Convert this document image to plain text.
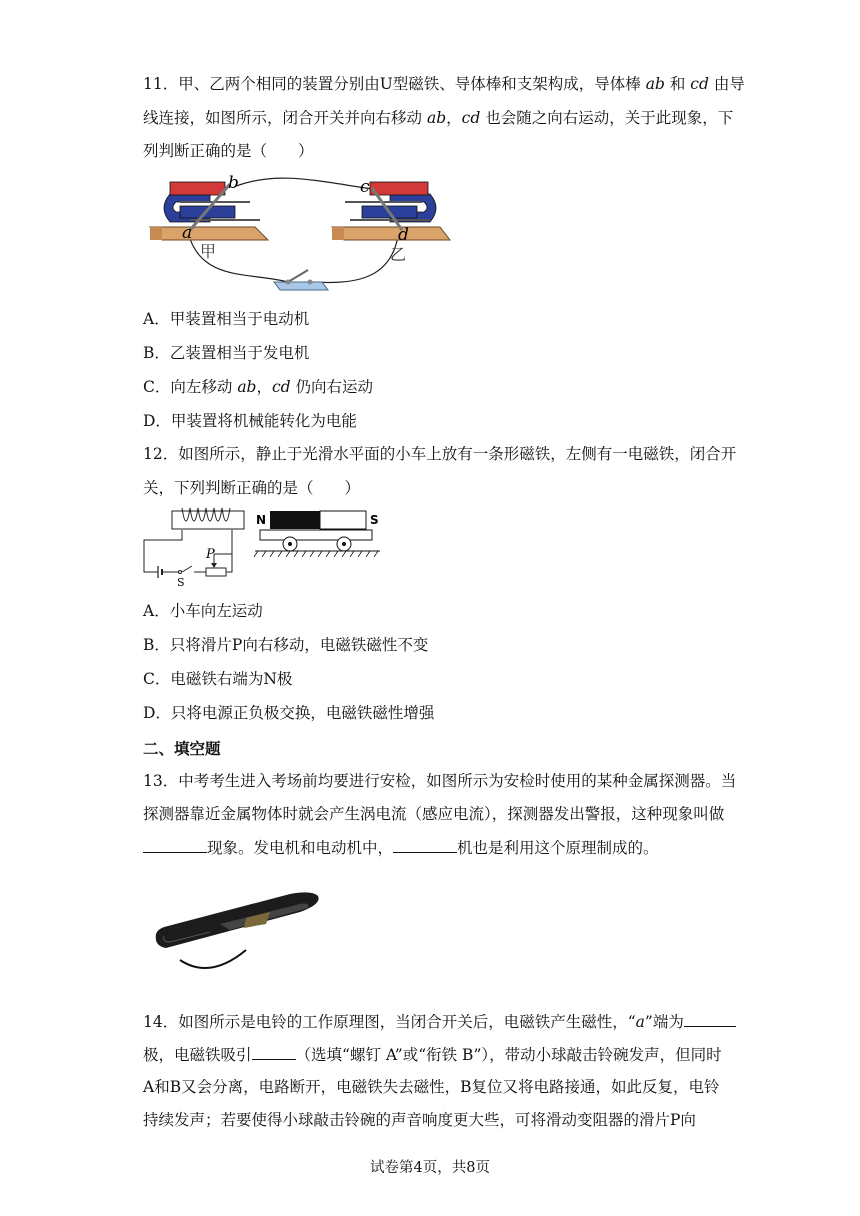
11．甲、乙两个相同的装置分别由U型磁铁、导体棒和支架构成，导体棒 ab 和 cd 由导
线连接，如图所示，闭合开关并向右移动 ab，cd 也会随之向右运动，关于此现象，下
列判断正确的是（　　）
b
a
甲
c
d
乙
A．甲装置相当于电动机
B．乙装置相当于发电机
C．向左移动 ab，cd 仍向右运动
D．甲装置将机械能转化为电能
12．如图所示，静止于光滑水平面的小车上放有一条形磁铁，左侧有一电磁铁，闭合开
关，下列判断正确的是（　　）
P
S
N	S
A．小车向左运动
B．只将滑片P向右移动，电磁铁磁性不变
C．电磁铁右端为N极
D．只将电源正负极交换，电磁铁磁性增强
二、填空题
13．中考考生进入考场前均要进行安检，如图所示为安检时使用的某种金属探测器。当
探测器靠近金属物体时就会产生涡电流（感应电流），探测器发出警报，这种现象叫做
现象。发电机和电动机中，	机也是利用这个原理制成的。
14．如图所示是电铃的工作原理图，当闭合开关后，电磁铁产生磁性，“a”端为
极，电磁铁吸引	（选填“螺钉 A”或“衔铁 B”），带动小球敲击铃碗发声，但同时
A和B又会分离，电路断开，电磁铁失去磁性，B复位又将电路接通，如此反复，电铃
持续发声；若要使得小球敲击铃碗的声音响度更大些，可将滑动变阻器的滑片P向
试卷第4页，共8页
